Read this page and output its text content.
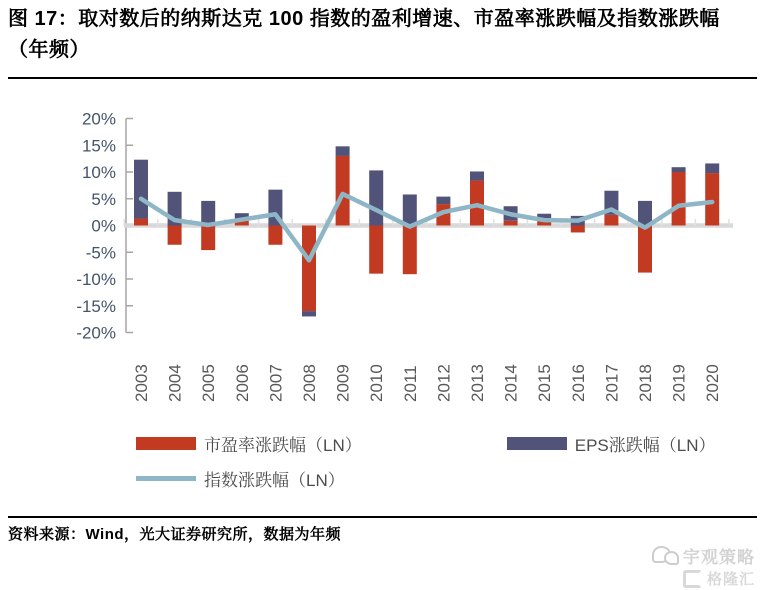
图 17：取对数后的纳斯达克 100 指数的盈利增速、市盈率涨跌幅及指数涨跌幅（年频）
20%
15%
10%
5%
0%
-5%
-10%
-15%
-20%
2003 2004 2005 2006 2007 2008 2009 2010 2011 2012 2013 2014 2015 2016 2017 2018 2019 2020
市盈率涨跌幅（LN）	EPS涨跌幅（LN）
指数涨跌幅（LN）
资料来源：Wind，光大证券研究所，数据为年频
宇观策略
格隆汇
